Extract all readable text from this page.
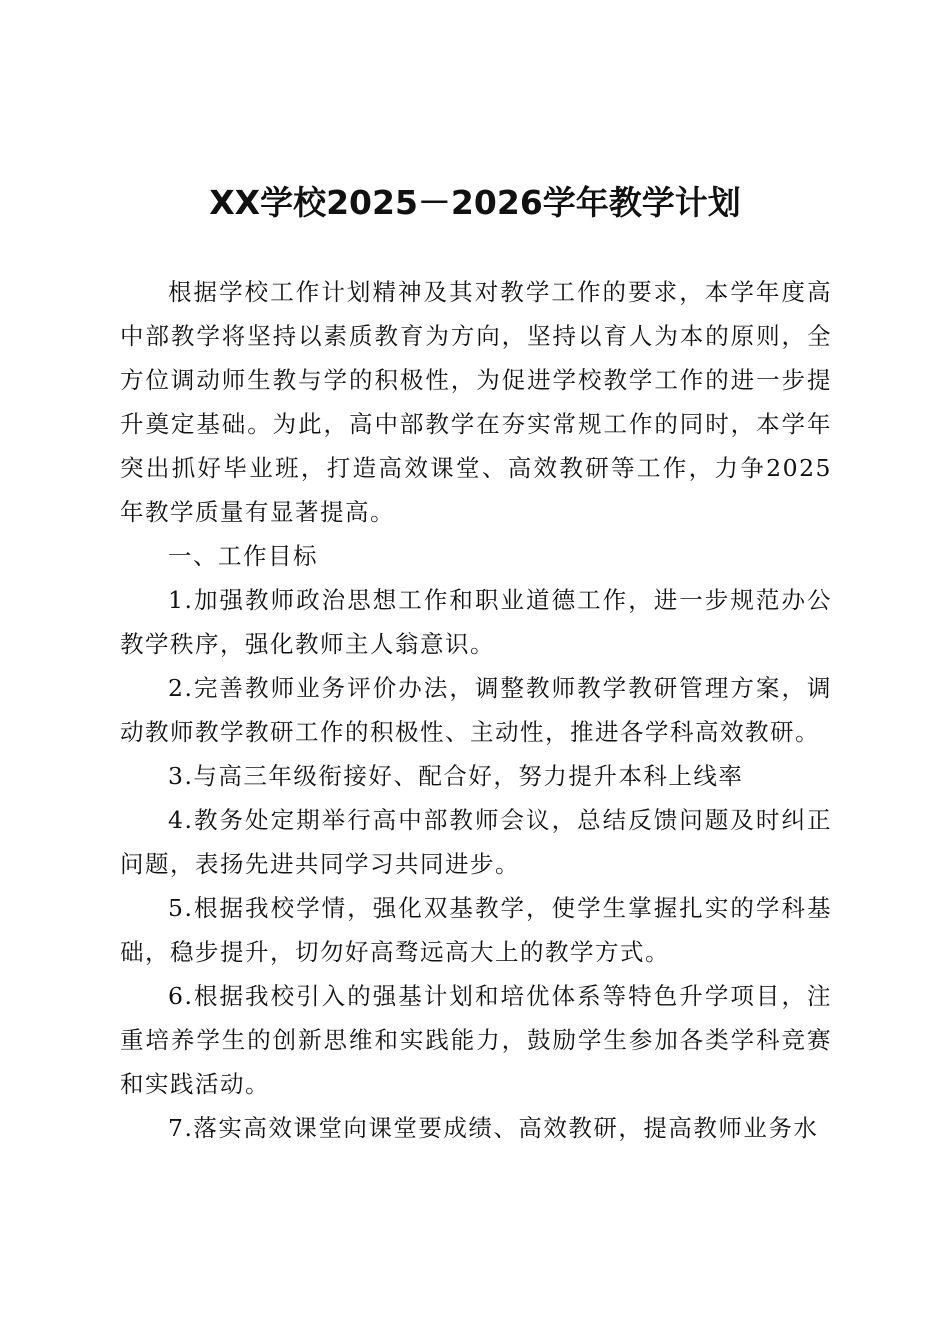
XX学校2025－2026学年教学计划

根据学校工作计划精神及其对教学工作的要求，本学年度高中部教学将坚持以素质教育为方向，坚持以育人为本的原则，全方位调动师生教与学的积极性，为促进学校教学工作的进一步提升奠定基础。为此，高中部教学在夯实常规工作的同时，本学年突出抓好毕业班，打造高效课堂、高效教研等工作，力争2025年教学质量有显著提高。

一、工作目标

1.加强教师政治思想工作和职业道德工作，进一步规范办公教学秩序，强化教师主人翁意识。

2.完善教师业务评价办法，调整教师教学教研管理方案，调动教师教学教研工作的积极性、主动性，推进各学科高效教研。

3.与高三年级衔接好、配合好，努力提升本科上线率

4.教务处定期举行高中部教师会议，总结反馈问题及时纠正问题，表扬先进共同学习共同进步。

5.根据我校学情，强化双基教学，使学生掌握扎实的学科基础，稳步提升，切勿好高骛远高大上的教学方式。

6.根据我校引入的强基计划和培优体系等特色升学项目，注重培养学生的创新思维和实践能力，鼓励学生参加各类学科竞赛和实践活动。

7.落实高效课堂向课堂要成绩、高效教研，提高教师业务水
